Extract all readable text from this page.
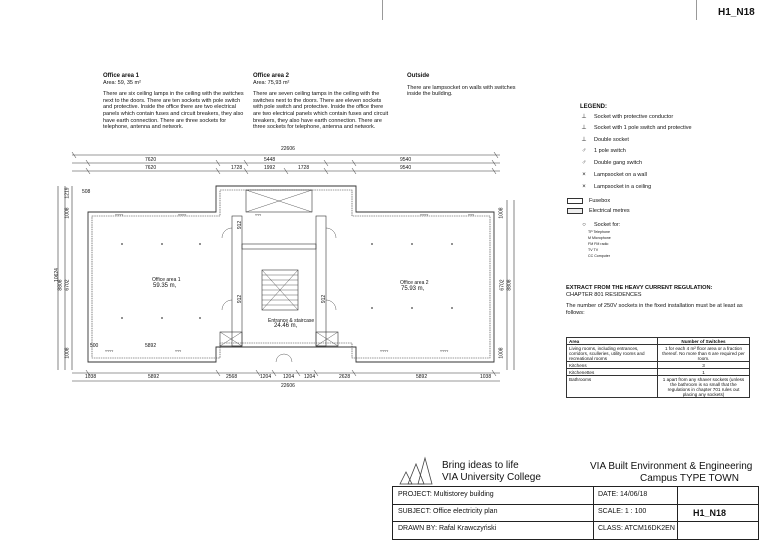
H1_N18
Office area 1
Area: 59, 35 m²
There are six ceiling lamps in the ceiling with the switches next to the doors. There are ten sockets with pole switch and protective. Inside the office there are two electrical panels which contain fuses and circuit breakers, they also have earth connection. There are three sockets for telephone, antenna and network.
Office area 2
Area: 75,93 m²
There are seven ceiling tamps in the ceiling with the switches next to the doors. There are eleven sockets with pole switch and protective. Inside the office there are two electrical panels which contain fuses and circuit breakers, they also have earth connection. There are three sockets for telephone, antenna and network.
Outside
There are lampsocket on walls with switches inside the building.
LEGEND:
⊥ Socket with protective conductor
⊥ Socket with 1 pole switch and protective
⊥ Double socket
♂	1 pole switch
♂	Double gang switch
×	Lampsocket on a wall
×	Lampsocket in a ceiling
Fusebox
Electrical metres
○	Socket for:
TP Telephone
M Microphone
FM FM radio
TV TV
CC Computer
EXTRACT FROM THE HEAVY CURRENT REGULATION:
CHAPTER 801 RESIDENCES
The number of 250V sockets in the fixed installation must be at least as follows:
Area	Number of Switches
Living rooms, including entrances, corridors, sculleries, utility rooms and recreational rooms	1 for each 4 m² floor area or a fraction thereof. No more than 6 are required per room.
Kitchens	3
Kitchenettes	1
Bathrooms	1 apart from any shaver sockets (unless the bathroom is so small that the regulations in chapter 701 rules out placing any sockets)
ʏʏʏʏ	ʏʏʏʏ	ʏʏʏ	ʏʏʏʏ	ʏʏʏ
ʏʏʏʏ	ʏʏʏ	ʏʏʏʏ	ʏʏʏʏ
22606
7620	5448	9540
7620	1728	1992	1728	9540
508
500	5892
912
912	912
1038	5892	2568	1204 1204 1204	2628	5892	1038
22606
1219
1008
10624
6702
8808
1008
1008
6702 8808
1008
Office area 1
59.35 m,	Office area 2
75.93 m,
Entrance & staircase
24.46 m,
Bring ideas to life
VIA University College
VIA Built Environment & Engineering
Campus TYPE TOWN
PROJECT: Multistorey building
SUBJECT: Office electricity plan
DRAWN BY: Rafal Krawczyński
DATE: 14/06/18
SCALE: 1 : 100
CLASS: ATCM16DK2EN
H1_N18
